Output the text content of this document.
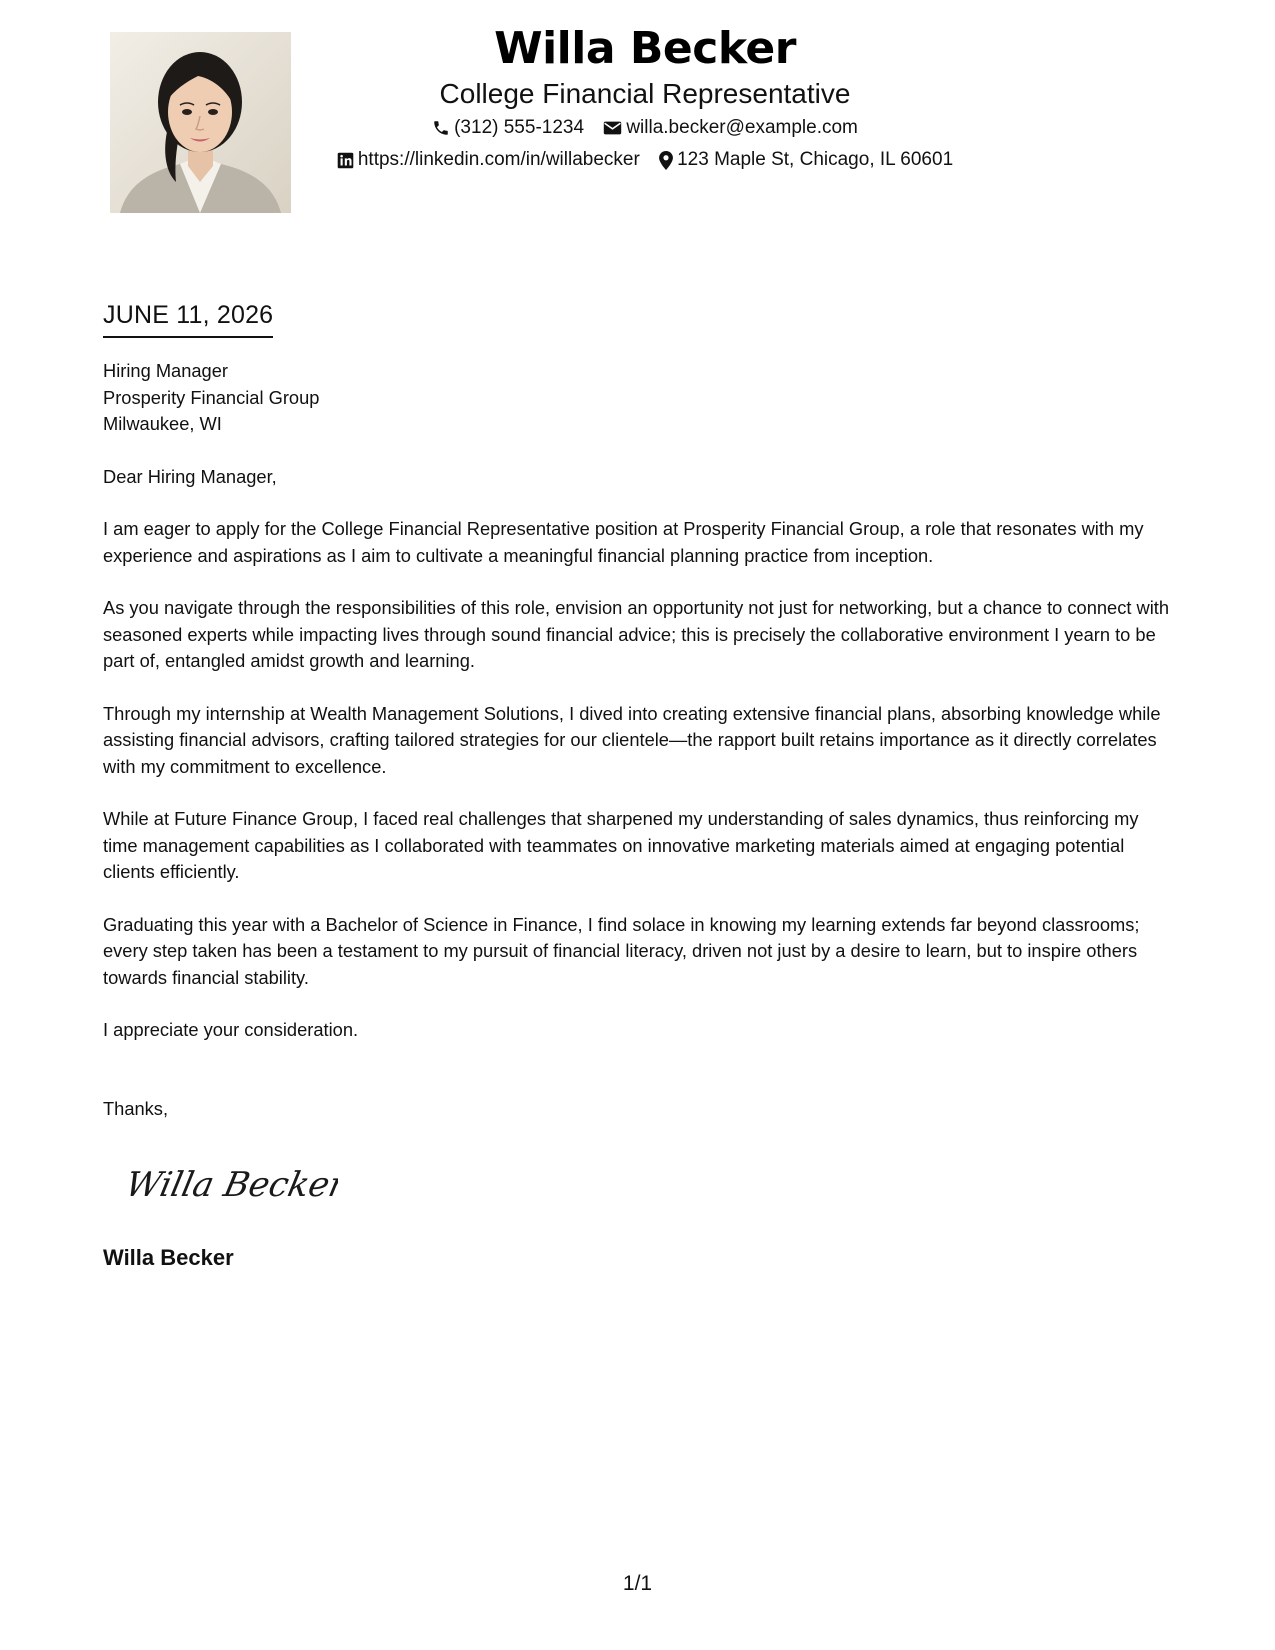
Willa Becker
College Financial Representative
(312) 555-1234
willa.becker@example.com
https://linkedin.com/in/willabecker
123 Maple St, Chicago, IL 60601
JUNE 11, 2026
Hiring Manager
Prosperity Financial Group
Milwaukee, WI
Dear Hiring Manager,

I am eager to apply for the College Financial Representative position at Prosperity Financial Group, a role that resonates with my experience and aspirations as I aim to cultivate a meaningful financial planning practice from inception.

As you navigate through the responsibilities of this role, envision an opportunity not just for networking, but a chance to connect with seasoned experts while impacting lives through sound financial advice; this is precisely the collaborative environment I yearn to be part of, entangled amidst growth and learning.

Through my internship at Wealth Management Solutions, I dived into creating extensive financial plans, absorbing knowledge while assisting financial advisors, crafting tailored strategies for our clientele—the rapport built retains importance as it directly correlates with my commitment to excellence.

While at Future Finance Group, I faced real challenges that sharpened my understanding of sales dynamics, thus reinforcing my time management capabilities as I collaborated with teammates on innovative marketing materials aimed at engaging potential clients efficiently.

Graduating this year with a Bachelor of Science in Finance, I find solace in knowing my learning extends far beyond classrooms; every step taken has been a testament to my pursuit of financial literacy, driven not just by a desire to learn, but to inspire others towards financial stability.

I appreciate your consideration.
Thanks,
Willa Becker
Willa Becker
1/1
